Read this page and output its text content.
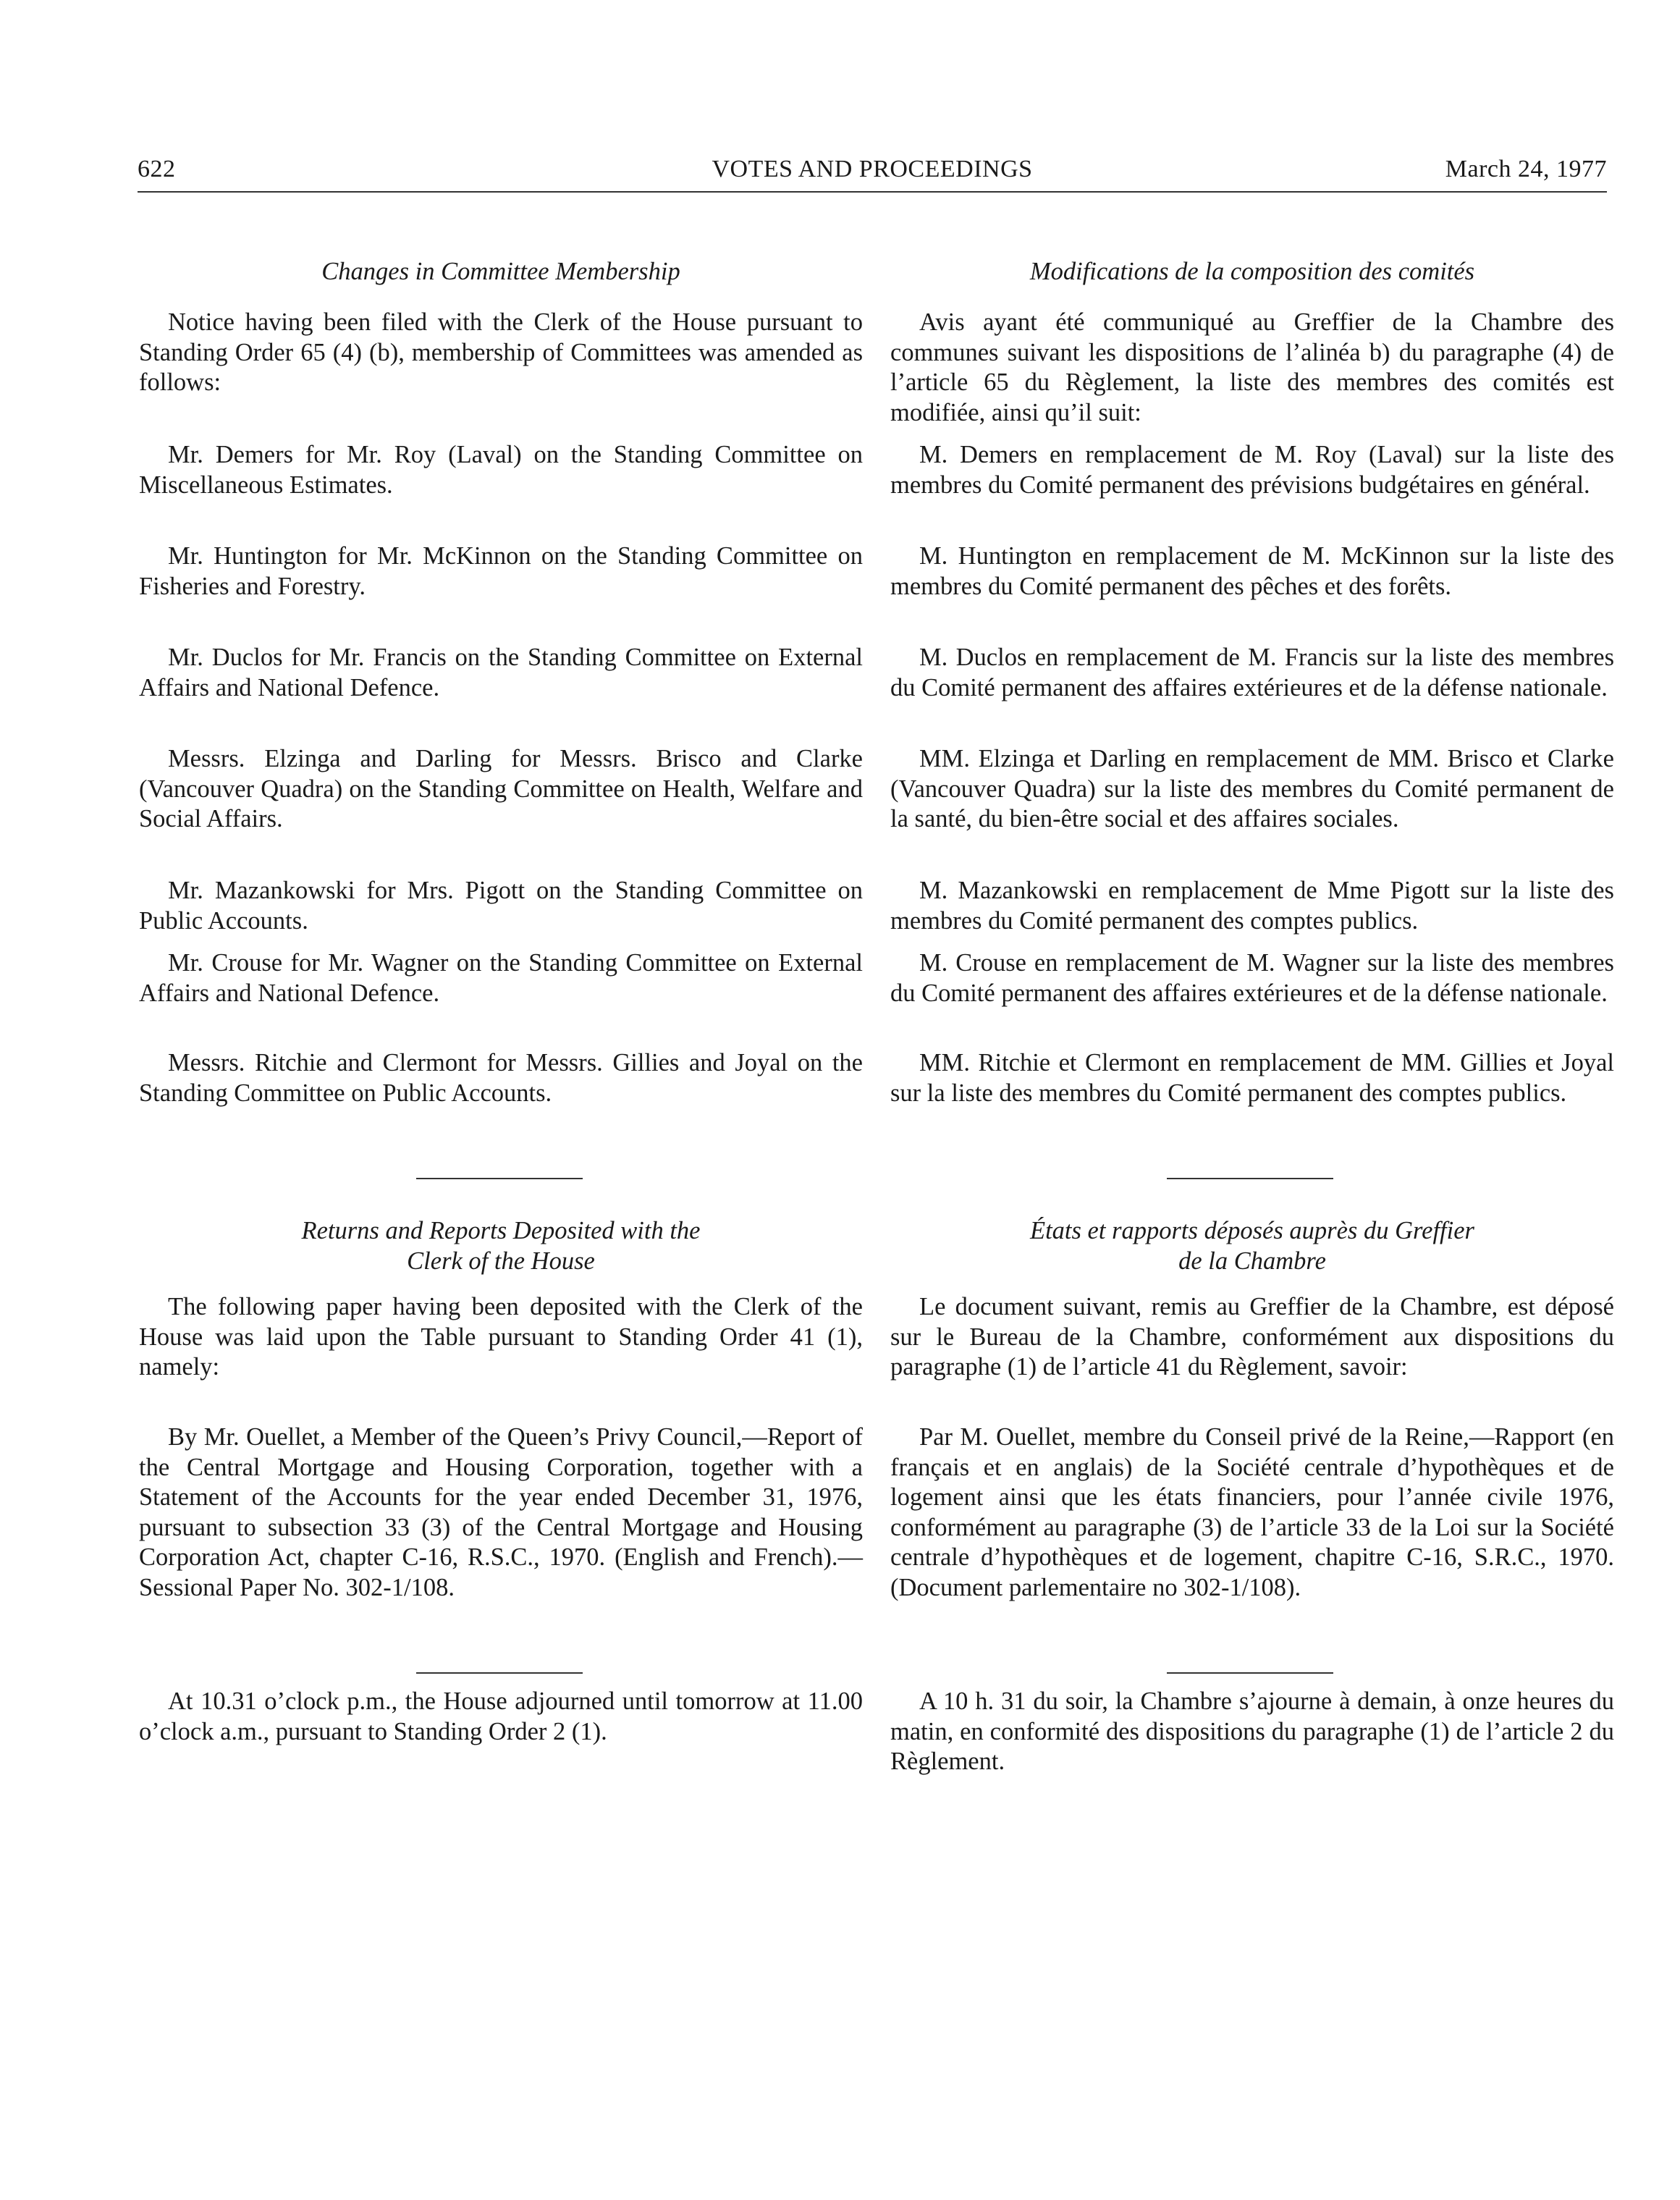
622	VOTES AND PROCEEDINGS	March 24, 1977

Changes in Committee Membership

Notice having been filed with the Clerk of the House pursuant to Standing Order 65 (4) (b), membership of Committees was amended as follows:

Mr. Demers for Mr. Roy (Laval) on the Standing Committee on Miscellaneous Estimates.

Mr. Huntington for Mr. McKinnon on the Standing Committee on Fisheries and Forestry.

Mr. Duclos for Mr. Francis on the Standing Committee on External Affairs and National Defence.

Messrs. Elzinga and Darling for Messrs. Brisco and Clarke (Vancouver Quadra) on the Standing Committee on Health, Welfare and Social Affairs.

Mr. Mazankowski for Mrs. Pigott on the Standing Committee on Public Accounts.

Mr. Crouse for Mr. Wagner on the Standing Committee on External Affairs and National Defence.

Messrs. Ritchie and Clermont for Messrs. Gillies and Joyal on the Standing Committee on Public Accounts.

Returns and Reports Deposited with the

Clerk of the House

The following paper having been deposited with the Clerk of the House was laid upon the Table pursuant to Standing Order 41 (1), namely:

By Mr. Ouellet, a Member of the Queen’s Privy Council,—Report of the Central Mortgage and Housing Corporation, together with a Statement of the Accounts for the year ended December 31, 1976, pursuant to subsection 33 (3) of the Central Mortgage and Housing Corporation Act, chapter C-16, R.S.C., 1970. (English and French).—Sessional Paper No. 302-1/108.

At 10.31 o’clock p.m., the House adjourned until tomorrow at 11.00 o’clock a.m., pursuant to Standing Order 2 (1).

Modifications de la composition des comités

Avis ayant été communiqué au Greffier de la Chambre des communes suivant les dispositions de l’alinéa b) du paragraphe (4) de l’article 65 du Règlement, la liste des membres des comités est modifiée, ainsi qu’il suit:

M. Demers en remplacement de M. Roy (Laval) sur la liste des membres du Comité permanent des prévisions budgétaires en général.

M. Huntington en remplacement de M. McKinnon sur la liste des membres du Comité permanent des pêches et des forêts.

M. Duclos en remplacement de M. Francis sur la liste des membres du Comité permanent des affaires extérieures et de la défense nationale.

MM. Elzinga et Darling en remplacement de MM. Brisco et Clarke (Vancouver Quadra) sur la liste des membres du Comité permanent de la santé, du bien-être social et des affaires sociales.

M. Mazankowski en remplacement de Mme Pigott sur la liste des membres du Comité permanent des comptes publics.

M. Crouse en remplacement de M. Wagner sur la liste des membres du Comité permanent des affaires extérieures et de la défense nationale.

MM. Ritchie et Clermont en remplacement de MM. Gillies et Joyal sur la liste des membres du Comité permanent des comptes publics.

États et rapports déposés auprès du Greffier

de la Chambre

Le document suivant, remis au Greffier de la Chambre, est déposé sur le Bureau de la Chambre, conformément aux dispositions du paragraphe (1) de l’article 41 du Règlement, savoir:

Par M. Ouellet, membre du Conseil privé de la Reine,—Rapport (en français et en anglais) de la Société centrale d’hypothèques et de logement ainsi que les états financiers, pour l’année civile 1976, conformément au paragraphe (3) de l’article 33 de la Loi sur la Société centrale d’hypothèques et de logement, chapitre C-16, S.R.C., 1970. (Document parlementaire no 302-1/108).

A 10 h. 31 du soir, la Chambre s’ajourne à demain, à onze heures du matin, en conformité des dispositions du paragraphe (1) de l’article 2 du Règlement.
